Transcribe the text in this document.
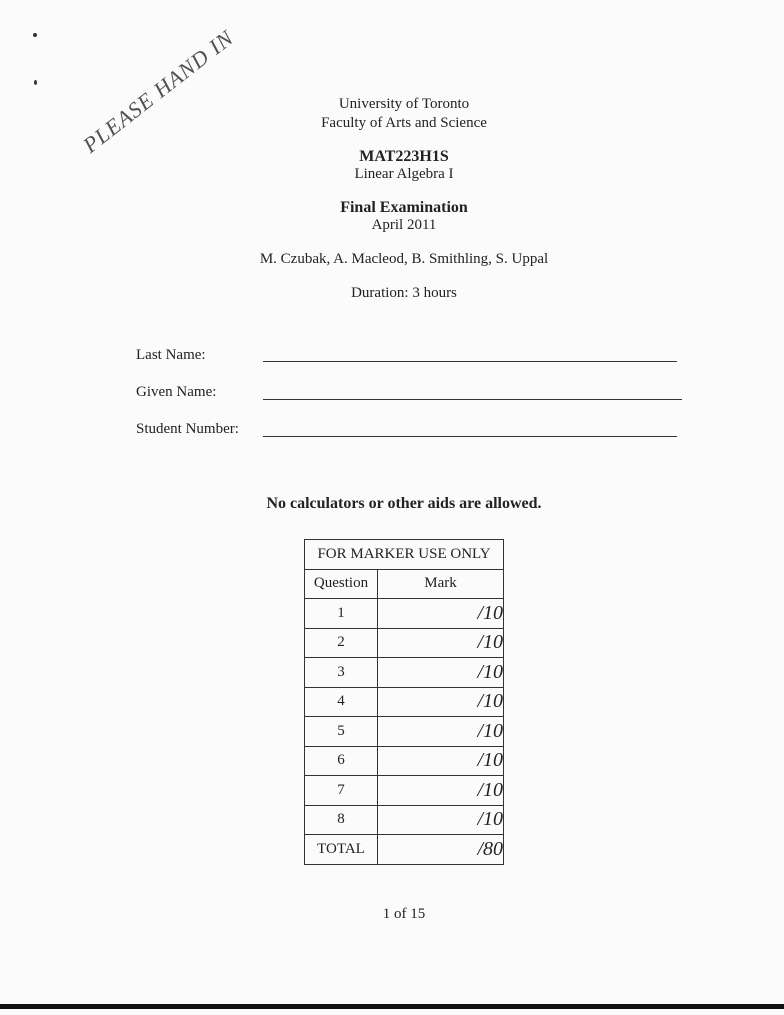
PLEASE HAND IN	University of Toronto
Faculty of Arts and Science
MAT223H1S
Linear Algebra I
Final Examination
April 2011
M. Czubak, A. Macleod, B. Smithling, S. Uppal
Duration: 3 hours
Last Name:
Given Name:
Student Number:
No calculators or other aids are allowed.
FOR MARKER USE ONLY	
Question	Mark
1	/10
2	/10
3	/10
4	/10
5	/10
6	/10
7	/10
8	/10
TOTAL	/80
1 of 15
